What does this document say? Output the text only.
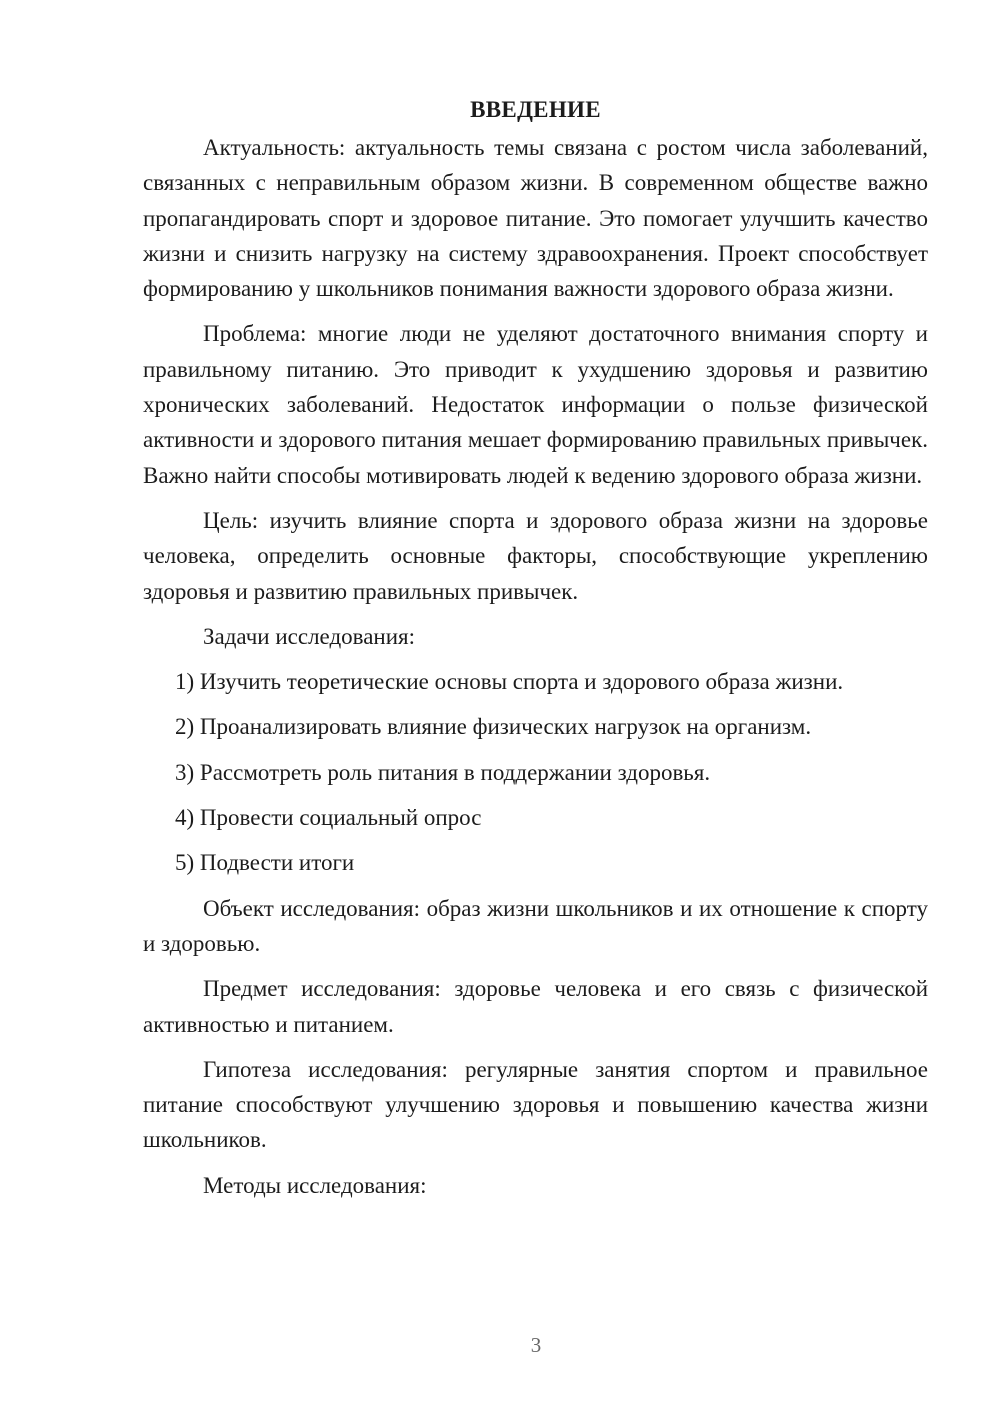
ВВЕДЕНИЕ

Актуальность: актуальность темы связана с ростом числа заболеваний, связанных с неправильным образом жизни. В современном обществе важно пропагандировать спорт и здоровое питание. Это помогает улучшить качество жизни и снизить нагрузку на систему здравоохранения. Проект способствует формированию у школьников понимания важности здорового образа жизни.

Проблема: многие люди не уделяют достаточного внимания спорту и правильному питанию. Это приводит к ухудшению здоровья и развитию хронических заболеваний. Недостаток информации о пользе физической активности и здорового питания мешает формированию правильных привычек. Важно найти способы мотивировать людей к ведению здорового образа жизни.

Цель: изучить влияние спорта и здорового образа жизни на здоровье человека, определить основные факторы, способствующие укреплению здоровья и развитию правильных привычек.

Задачи исследования:

1) Изучить теоретические основы спорта и здорового образа жизни.

2) Проанализировать влияние физических нагрузок на организм.

3) Рассмотреть роль питания в поддержании здоровья.

4) Провести социальный опрос

5) Подвести итоги

Объект исследования: образ жизни школьников и их отношение к спорту и здоровью.

Предмет исследования: здоровье человека и его связь с физической активностью и питанием.

Гипотеза исследования: регулярные занятия спортом и правильное питание способствуют улучшению здоровья и повышению качества жизни школьников.

Методы исследования:

3
